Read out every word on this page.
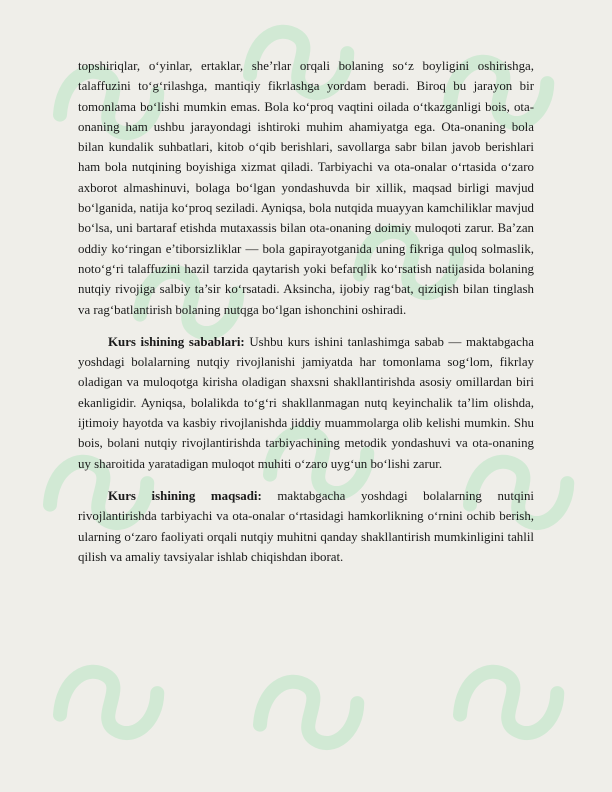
topshiriqlar, o‘yinlar, ertaklar, she’rlar orqali bolaning so‘z boyligini oshirishga, talaffuzini to‘g‘rilashga, mantiqiy fikrlashga yordam beradi. Biroq bu jarayon bir tomonlama bo‘lishi mumkin emas. Bola ko‘proq vaqtini oilada o‘tkazganligi bois, ota-onaning ham ushbu jarayondagi ishtiroki muhim ahamiyatga ega. Ota-onaning bola bilan kundalik suhbatlari, kitob o‘qib berishlari, savollarga sabr bilan javob berishlari ham bola nutqining boyishiga xizmat qiladi. Tarbiyachi va ota-onalar o‘rtasida o‘zaro axborot almashinuvi, bolaga bo‘lgan yondashuvda bir xillik, maqsad birligi mavjud bo‘lganida, natija ko‘proq seziladi. Ayniqsa, bola nutqida muayyan kamchiliklar mavjud bo‘lsa, uni bartaraf etishda mutaxassis bilan ota-onaning doimiy muloqoti zarur. Ba’zan oddiy ko‘ringan e’tiborsizliklar — bola gapirayotganida uning fikriga quloq solmaslik, noto‘g‘ri talaffuzini hazil tarzida qaytarish yoki befarqlik ko‘rsatish natijasida bolaning nutqiy rivojiga salbiy ta’sir ko‘rsatadi. Aksincha, ijobiy rag‘bat, qiziqish bilan tinglash va rag‘batlantirish bolaning nutqga bo‘lgan ishonchini oshiradi.

Kurs ishining sabablari: Ushbu kurs ishini tanlashimga sabab — maktabgacha yoshdagi bolalarning nutqiy rivojlanishi jamiyatda har tomonlama sog‘lom, fikrlay oladigan va muloqotga kirisha oladigan shaxsni shakllantirishda asosiy omillardan biri ekanligidir. Ayniqsa, bolalikda to‘g‘ri shakllanmagan nutq keyinchalik ta’lim olishda, ijtimoiy hayotda va kasbiy rivojlanishda jiddiy muammolarga olib kelishi mumkin. Shu bois, bolani nutqiy rivojlantirishda tarbiyachining metodik yondashuvi va ota-onaning uy sharoitida yaratadigan muloqot muhiti o‘zaro uyg‘un bo‘lishi zarur.

Kurs ishining maqsadi: maktabgacha yoshdagi bolalarning nutqini rivojlantirishda tarbiyachi va ota-onalar o‘rtasidagi hamkorlikning o‘rnini ochib berish, ularning o‘zaro faoliyati orqali nutqiy muhitni qanday shakllantirish mumkinligini tahlil qilish va amaliy tavsiyalar ishlab chiqishdan iborat.
